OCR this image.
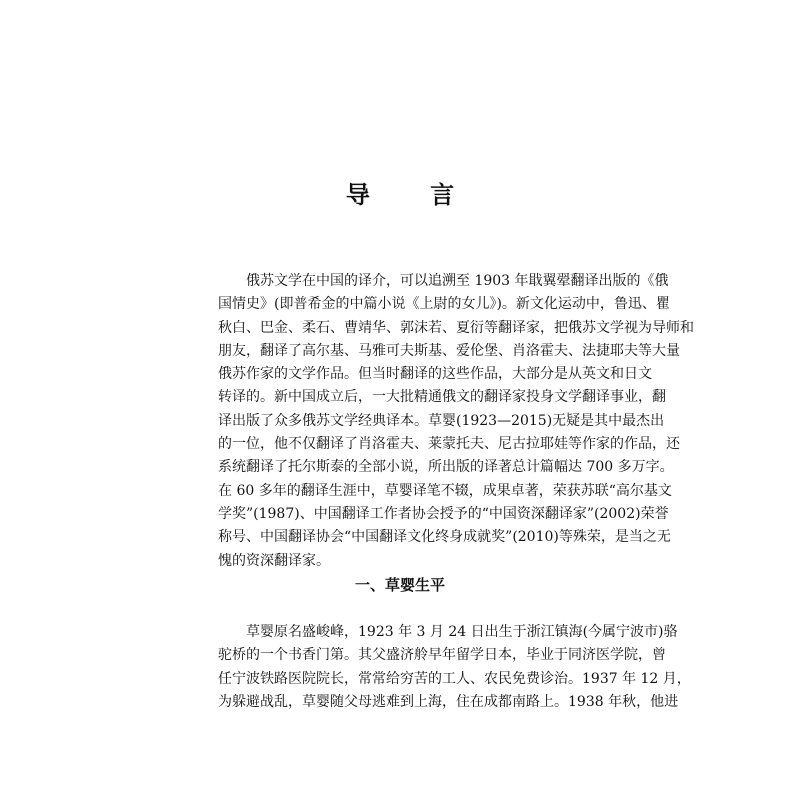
导 言
　　俄苏文学在中国的译介，可以追溯至 1903 年戢翼翚翻译出版的《俄
国情史》(即普希金的中篇小说《上尉的女儿》)。新文化运动中，鲁迅、瞿
秋白、巴金、柔石、曹靖华、郭沫若、夏衍等翻译家，把俄苏文学视为导师和
朋友，翻译了高尔基、马雅可夫斯基、爱伦堡、肖洛霍夫、法捷耶夫等大量
俄苏作家的文学作品。但当时翻译的这些作品，大部分是从英文和日文
转译的。新中国成立后，一大批精通俄文的翻译家投身文学翻译事业，翻
译出版了众多俄苏文学经典译本。草婴(1923—2015)无疑是其中最杰出
的一位，他不仅翻译了肖洛霍夫、莱蒙托夫、尼古拉耶娃等作家的作品，还
系统翻译了托尔斯泰的全部小说，所出版的译著总计篇幅达 700 多万字。
在 60 多年的翻译生涯中，草婴译笔不辍，成果卓著，荣获苏联“高尔基文
学奖”(1987)、中国翻译工作者协会授予的“中国资深翻译家”(2002)荣誉
称号、中国翻译协会“中国翻译文化终身成就奖”(2010)等殊荣，是当之无
愧的资深翻译家。
一、草婴生平
　　草婴原名盛峻峰，1923 年 3 月 24 日出生于浙江镇海(今属宁波市)骆
驼桥的一个书香门第。其父盛济舲早年留学日本，毕业于同济医学院，曾
任宁波铁路医院院长，常常给穷苦的工人、农民免费诊治。1937 年 12 月，
为躲避战乱，草婴随父母逃难到上海，住在成都南路上。1938 年秋，他进
